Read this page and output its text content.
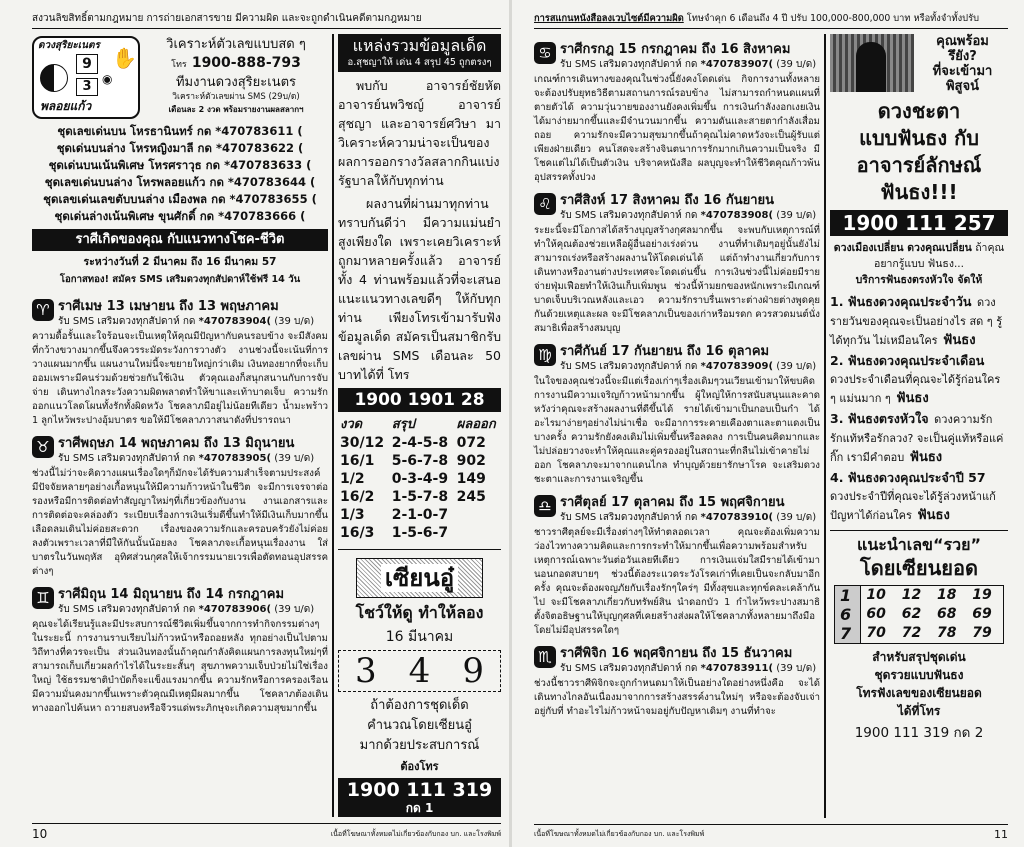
สงวนลิขสิทธิ์ตามกฎหมาย การถ่ายเอกสารขาย มีความผิด และจะถูกดำเนินคดีตามกฎหมาย
◉
✋
ดวงสุริยะเนตร
9
3
พลอยแก้ว
วิเคราะห์ตัวเลขแบบสด ๆ
โทร 1900-888-793
ทีมงานดวงสุริยะเนตร
วิเคราะห์ตัวเลขผ่าน SMS (29บ/ด)
เดือนละ 2 งวด พร้อมรายงานผลสลากฯ
ชุดเลขเด่นบน โหรธานินทร์ กด *470783611 (
ชุดเด่นบนล่าง โหรหญิงมาลี กด *470783622 (
ชุดเด่นบนเน้นพิเศษ โหรศราวุธ กด *470783633 (
ชุดเลขเด่นบนล่าง โหรพลอยแก้ว กด *470783644 (
ชุดเลขเด่นเลขตับบนล่าง เมืองพล กด *470783655 (
ชุดเด่นล่างเน้นพิเศษ ขุนศักดิ์ กด *470783666 (
ราศีเกิดของคุณ กับแนวทางโชค-ชีวิต
ระหว่างวันที่ 2 มีนาคม ถึง 16 มีนาคม 57
โอกาสทอง! สมัคร SMS เสริมดวงทุกสัปดาห์ใช้ฟรี 14 วัน
♈︎ ราศีเมษ 13 เมษายน ถึง 13 พฤษภาคม
รับ SMS เสริมดวงทุกสัปดาห์ กด *470783904( (39 บ/ด)
ความดื้อรั้นและใจร้อนจะเป็นเหตุให้คุณมีปัญหากับคนรอบข้าง จะมีสังคมที่กว้างขวางมากขึ้นจึงควรระมัดระวังการวางตัว งานช่วงนี้จะเน้นที่การวางแผนมากขึ้น แผนงานใหม่นี้จะขยายใหญ่กว่าเดิม เงินทองยากที่จะเก็บออมเพราะมีคนร่วมด้วยช่วยกันใช้เงิน ตัวคุณเองก็สนุกสนานกับการจับจ่าย เดินทางไกลระวังความผิดพลาดทำให้ขาและเท้าบาดเจ็บ ความรักออกแนวโลดโผนทั้งรักทั้งผิดหวัง โชคลาภมีอยู่ไม่น้อยทีเดียว น้ำมะพร้าว 1 ลูกไหว้พระปางอุ้มบาตร ขอให้มีโชคลาภวาสนาดังที่ปรารถนา
♉︎ ราศีพฤษภ 14 พฤษภาคม ถึง 13 มิถุนายน
รับ SMS เสริมดวงทุกสัปดาห์ กด *470783905( (39 บ/ด)
ช่วงนี้ไม่ว่าจะคิดวางแผนเรื่องใดๆก็มักจะได้รับความสำเร็จตามประสงค์ มีปัจจัยหลายๆอย่างเกื้อหนุนให้มีความก้าวหน้าในชีวิต จะมีการเจรจาต่อรองหรือมีการติดต่อทำสัญญาใหม่ๆที่เกี่ยวข้องกับงาน งานเอกสารและการติดต่อจะคล่องตัว ระเบียบเรื่องการเงินเริ่มดีขึ้นทำให้มีเงินเก็บมากขึ้น เลือดลมเดินไม่ค่อยสะดวก เรื่องของความรักและครอบครัวยังไม่ค่อยลงตัวเพราะเวลาที่มีให้กันนั้นน้อยลง โชคลาภจะเกื้อหนุนเรื่องงาน ใส่บาตรในวันพฤหัส อุทิศส่วนกุศลให้เจ้ากรรมนายเวรเพื่อตัดทอนอุปสรรคต่างๆ
♊︎ ราศีมิถุน 14 มิถุนายน ถึง 14 กรกฎาคม
รับ SMS เสริมดวงทุกสัปดาห์ กด *470783906( (39 บ/ด)
คุณจะได้เรียนรู้และมีประสบการณ์ชีวิตเพิ่มขึ้นจากการทำกิจกรรมต่างๆในระยะนี้ การงานราบเรียบไม่ก้าวหน้าหรือถอยหลัง ทุกอย่างเป็นไปตามวิถีทางที่ควรจะเป็น ส่วนเงินทองนั้นถ้าคุณกำลังคิดแผนการลงทุนใหม่ๆที่สามารถเก็บเกี่ยวผลกำไรได้ในระยะสั้นๆ สุขภาพความเจ็บป่วยไม่ใช่เรื่องใหญ่ ใช้ธรรมชาติบำบัดก็จะแข็งแรงมากขึ้น ความรักหรือการครองเรือนมีความมั่นคงมากขึ้นเพราะตัวคุณมีเหตุมีผลมากขึ้น โชคลาภต้องเดินทางออกไปค้นหา ถวายสบงหรือจีวรแด่พระภิกษุจะเกิดความสุขมากขึ้น
แหล่งรวมข้อมูลเด็ด
อ.สุชญาให้ เด่น 4 สรุป 45 ถูกตรงๆ

พบกับ อาจารย์ชัยหัต อาจารย์นพวิชญ์ อาจารย์สุชญา และอาจารย์ศวิษา มาวิเคราะห์ความน่าจะเป็นของผลการออกรางวัลสลากกินแบ่งรัฐบาลให้กับทุกท่าน

ผลงานที่ผ่านมาทุกท่านทราบกันดีว่า มีความแม่นยำสูงเพียงใด เพราะเคยวิเคราะห์ถูกมาหลายครั้งแล้ว อาจารย์ทั้ง 4 ท่านพร้อมแล้วที่จะเสนอแนะแนวทางเลขดีๆ ให้กับทุกท่าน เพียงโทรเข้ามารับฟังข้อมูลเด็ด สมัครเป็นสมาชิกรับเลขผ่าน SMS เดือนละ 50 บาทได้ที่ โทร

1900 1901 28
งวด	สรุป	ผลออก
30/12	2-4-5-8	072
16/1	5-6-7-8	902
1/2	0-3-4-9	149
16/2	1-5-7-8	245
1/3	2-1-0-7	
16/3	1-5-6-7	
เซียนอู๋
โชว์ให้ดู ทำให้ลอง
16 มีนาคม
3 4 9
ถ้าต้องการชุดเด็ด
คำนวณโดยเซียนอู๋
มากด้วยประสบการณ์
ต้องโทร
1900 111 319
กด 1
10	เนื้อที่โฆษณาทั้งหมดไม่เกี่ยวข้องกับกอง บก. และโรงพิมพ์
การสแกนหนังสือลงเวบไซต์มีความผิด โทษจำคุก 6 เดือนถึง 4 ปี ปรับ 100,000-800,000 บาท หรือทั้งจำทั้งปรับ
♋︎ ราศีกรกฎ 15 กรกฎาคม ถึง 16 สิงหาคม
รับ SMS เสริมดวงทุกสัปดาห์ กด *470783907( (39 บ/ด)
เกณฑ์การเดินทางของคุณในช่วงนี้ยังคงโดดเด่น กิจการงานทั้งหลายจะต้องปรับยุทธวิธีตามสถานการณ์รอบข้าง ไม่สามารถกำหนดแผนที่ตายตัวได้ ความวุ่นวายของงานยังคงเพิ่มขึ้น การเงินกำลังงอกเงยเงินได้มาง่ายมากขึ้นและมีจำนวนมากขึ้น ความดันและสายตากำลังเสื่อมถอย ความรักจะมีความสุขมากขึ้นถ้าคุณไม่คาดหวังจะเป็นผู้รับแต่เพียงฝ่ายเดียว คนโสดจะสร้างจินตนาการรักมากเกินความเป็นจริง มีโชคแต่ไม่ได้เป็นตัวเงิน บริจาคหนังสือ ผลบุญจะทำให้ชีวิตคุณก้าวพ้นอุปสรรคทั้งปวง
♌︎ ราศีสิงห์ 17 สิงหาคม ถึง 16 กันยายน
รับ SMS เสริมดวงทุกสัปดาห์ กด *470783908( (39 บ/ด)
ระยะนี้จะมีโอกาสได้สร้างบุญสร้างกุศลมากขึ้น จะพบกับเหตุการณ์ที่ทำให้คุณต้องช่วยเหลือผู้อื่นอย่างเร่งด่วน งานที่ทำเดิมๆอยู่นั้นยังไม่สามารถเร่งหรือสร้างผลงานให้โดดเด่นได้ แต่ถ้าทำงานเกี่ยวกับการเดินทางหรืองานต่างประเทศจะโดดเด่นขึ้น การเงินช่วงนี้ไม่ค่อยมีรายจ่ายฟุ่มเฟือยทำให้เงินเก็บเพิ่มพูน ช่วงนี้ห้ามยกของหนักเพราะมีเกณฑ์บาดเจ็บบริเวณหลังและเอว ความรักราบรื่นเพราะต่างฝ่ายต่างพูดคุยกันด้วยเหตุและผล จะมีโชคลาภเป็นของเก่าหรือมรดก ควรสวดมนต์นั่งสมาธิเพื่อสร้างสมบุญ
♍︎ ราศีกันย์ 17 กันยายน ถึง 16 ตุลาคม
รับ SMS เสริมดวงทุกสัปดาห์ กด *470783909( (39 บ/ด)
ในใจของคุณช่วงนี้จะมีแต่เรื่องเก่าๆเรื่องเดิมๆวนเวียนเข้ามาให้ขบคิด การงานมีความเจริญก้าวหน้ามากขึ้น ผู้ใหญ่ให้การสนับสนุนและคาดหวังว่าคุณจะสร้างผลงานที่ดีขึ้นได้ รายได้เข้ามาเป็นกอบเป็นกำ ได้อะไรมาง่ายๆอย่างไม่น่าเชื่อ จะมีอาการระคายเคืองตาและตาแดงเป็นบางครั้ง ความรักยังคงเดิมไม่เพิ่มขึ้นหรือลดลง การเป็นคนคิดมากและไม่ปล่อยวางจะทำให้คุณและคู่ครองอยู่ในสถานะที่กลืนไม่เข้าคายไม่ออก โชคลาภจะมาจากแดนไกล ทำบุญด้วยยารักษาโรค จะเสริมดวงชะตาและการงานเจริญขึ้น
♎︎ ราศีตุลย์ 17 ตุลาคม ถึง 15 พฤศจิกายน
รับ SMS เสริมดวงทุกสัปดาห์ กด *470783910( (39 บ/ด)
ชาวราศีตุลย์จะมีเรื่องต่างๆให้ทำตลอดเวลา คุณจะต้องเพิ่มความว่องไวทางความคิดและการกระทำให้มากขึ้นเพื่อความพร้อมสำหรับเหตุการณ์เฉพาะวันต่อวันเลยทีเดียว การเงินแจ่มใสมีรายได้เข้ามานอนกอดสบายๆ ช่วงนี้ต้องระแวดระวังโรคเก่าที่เคยเป็นจะกลับมาอีกครั้ง คุณจะต้องผจญภัยกับเรื่องรักๆใคร่ๆ มีทั้งสุขและทุกข์คละเคล้ากันไป จะมีโชคลาภเกี่ยวกับทรัพย์สิน นำดอกบัว 1 กำไหว้พระปางสมาธิ ตั้งจิตอธิษฐานให้บุญกุศลที่เคยสร้างส่งผลให้โชคลาภทั้งหลายมาถึงมือโดยไม่มีอุปสรรคใดๆ
♏︎ ราศีพิจิก 16 พฤศจิกายน ถึง 15 ธันวาคม
รับ SMS เสริมดวงทุกสัปดาห์ กด *470783911( (39 บ/ด)
ช่วงนี้ชาวราศีพิจิกจะถูกกำหนดมาให้เป็นอย่างใดอย่างหนึ่งคือ จะได้เดินทางไกลอันเนื่องมาจากการสร้างสรรค์งานใหม่ๆ หรือจะต้องจับเจ่าอยู่กับที่ ทำอะไรไม่ก้าวหน้าจมอยู่กับปัญหาเดิมๆ งานที่ทำจะ
คุณพร้อม
รึยัง?
ที่จะเข้ามา
พิสูจน์
ดวงชะตา
แบบฟันธง กับ
อาจารย์ลักษณ์
ฟันธง!!!
1900 111 257
ดวงเมืองเปลี่ยน ดวงคุณเปลี่ยน ถ้าคุณอยากรู้แบบ ฟันธง...
บริการฟันธงตรงหัวใจ จัดให้
1. ฟันธงดวงคุณประจำวัน ดวงรายวันของคุณจะเป็นอย่างไร สด ๆ รู้ได้ทุกวัน ไม่เหมือนใคร ฟันธง
2. ฟันธงดวงคุณประจำเดือน ดวงประจำเดือนที่คุณจะได้รู้ก่อนใคร ๆ แม่นมาก ๆ ฟันธง
3. ฟันธงตรงหัวใจ ดวงความรัก รักแท้หรือรักลวง? จะเป็นคู่แท้หรือแค่กิ๊ก เรามีคำตอบ ฟันธง
4. ฟันธงดวงคุณประจำปี 57 ดวงประจำปีที่คุณจะได้รู้ล่วงหน้าแก้ปัญหาได้ก่อนใคร ฟันธง
แนะนำเลข“รวย”
โดยเซียนยอด
1	10	12	18	19
6	60	62	68	69
7	70	72	78	79
สำหรับสรุปชุดเด่น
ชุดรวยแบบฟันธง
โทรฟังเลขของเซียนยอด
ได้ที่โทร
1900 111 319 กด 2
เนื้อที่โฆษณาทั้งหมดไม่เกี่ยวข้องกับกอง บก. และโรงพิมพ์	11
